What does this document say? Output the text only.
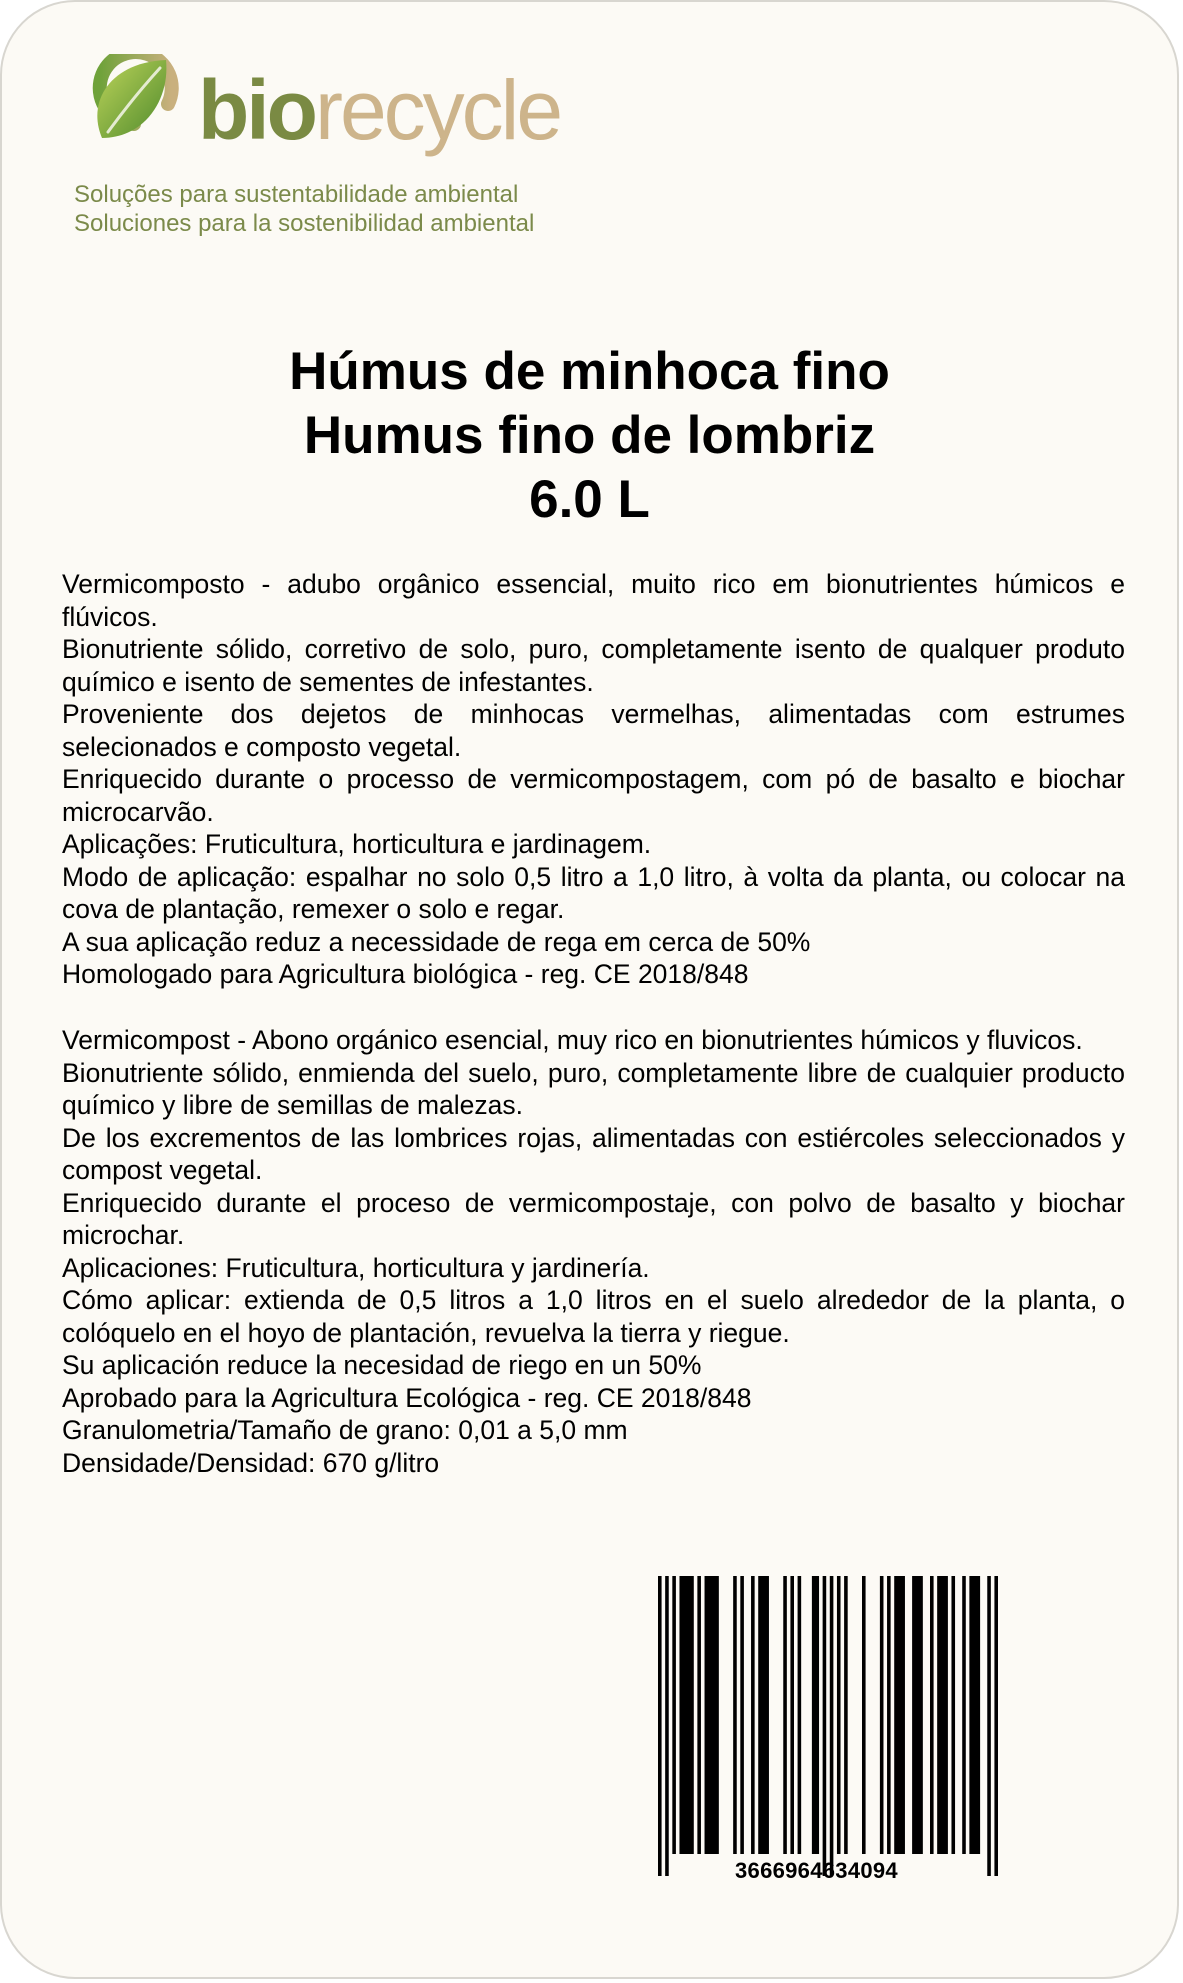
biorecycle
Soluções para sustentabilidade ambiental
Soluciones para la sostenibilidad ambiental
Húmus de minhoca fino
Humus fino de lombriz
6.0 L

Vermicomposto - adubo orgânico essencial, muito rico em bionutrientes húmicos e flúvicos.

Bionutriente sólido, corretivo de solo, puro, completamente isento de qualquer produto químico e isento de sementes de infestantes.

Proveniente dos dejetos de minhocas vermelhas, alimentadas com estrumes selecionados e composto vegetal.

Enriquecido durante o processo de vermicompostagem, com pó de basalto e biochar microcarvão.

Aplicações: Fruticultura, horticultura e jardinagem.

Modo de aplicação: espalhar no solo 0,5 litro a 1,0 litro, à volta da planta, ou colocar na cova de plantação, remexer o solo e regar.

A sua aplicação reduz a necessidade de rega em cerca de 50%

Homologado para Agricultura biológica - reg. CE 2018/848

Vermicompost - Abono orgánico esencial, muy rico en bionutrientes húmicos y fluvicos.

Bionutriente sólido, enmienda del suelo, puro, completamente libre de cualquier producto químico y libre de semillas de malezas.

De los excrementos de las lombrices rojas, alimentadas con estiércoles seleccionados y compost vegetal.

Enriquecido durante el proceso de vermicompostaje, con polvo de basalto y biochar microchar.

Aplicaciones: Fruticultura, horticultura y jardinería.

Cómo aplicar: extienda de 0,5 litros a 1,0 litros en el suelo alrededor de la planta, o colóquelo en el hoyo de plantación, revuelva la tierra y riegue.

Su aplicación reduce la necesidad de riego en un 50%

Aprobado para la Agricultura Ecológica - reg. CE 2018/848

Granulometria/Tamaño de grano: 0,01 a 5,0 mm

Densidade/Densidad: 670 g/litro

3666964634094
